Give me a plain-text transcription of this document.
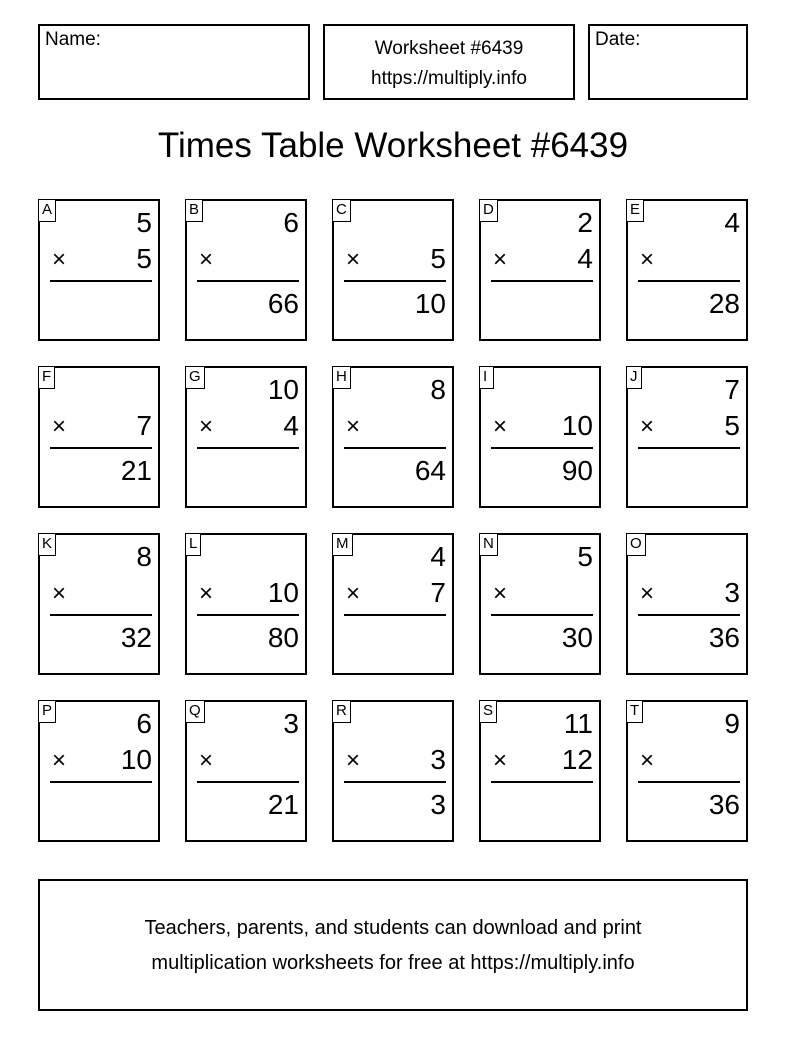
Name:	Worksheet #6439
https://multiply.info
Date:
Times Table Worksheet #6439
A	5
×	5
B	6
×
66
C
×	5
10
D	2
×	4
E	4
×
28
F
×	7
21
G 10
×	4
H	8
×
64
I
× 10
90
J	7
×	5
K	8
×
32
L
× 10
80
M	4
×	7
N	5
×
30
O
×	3
36
P	6
× 10
Q	3
×
21
R
×	3
3
S	11
× 12
T	9
×
36
Teachers, parents, and students can download and print
multiplication worksheets for free at https://multiply.info
